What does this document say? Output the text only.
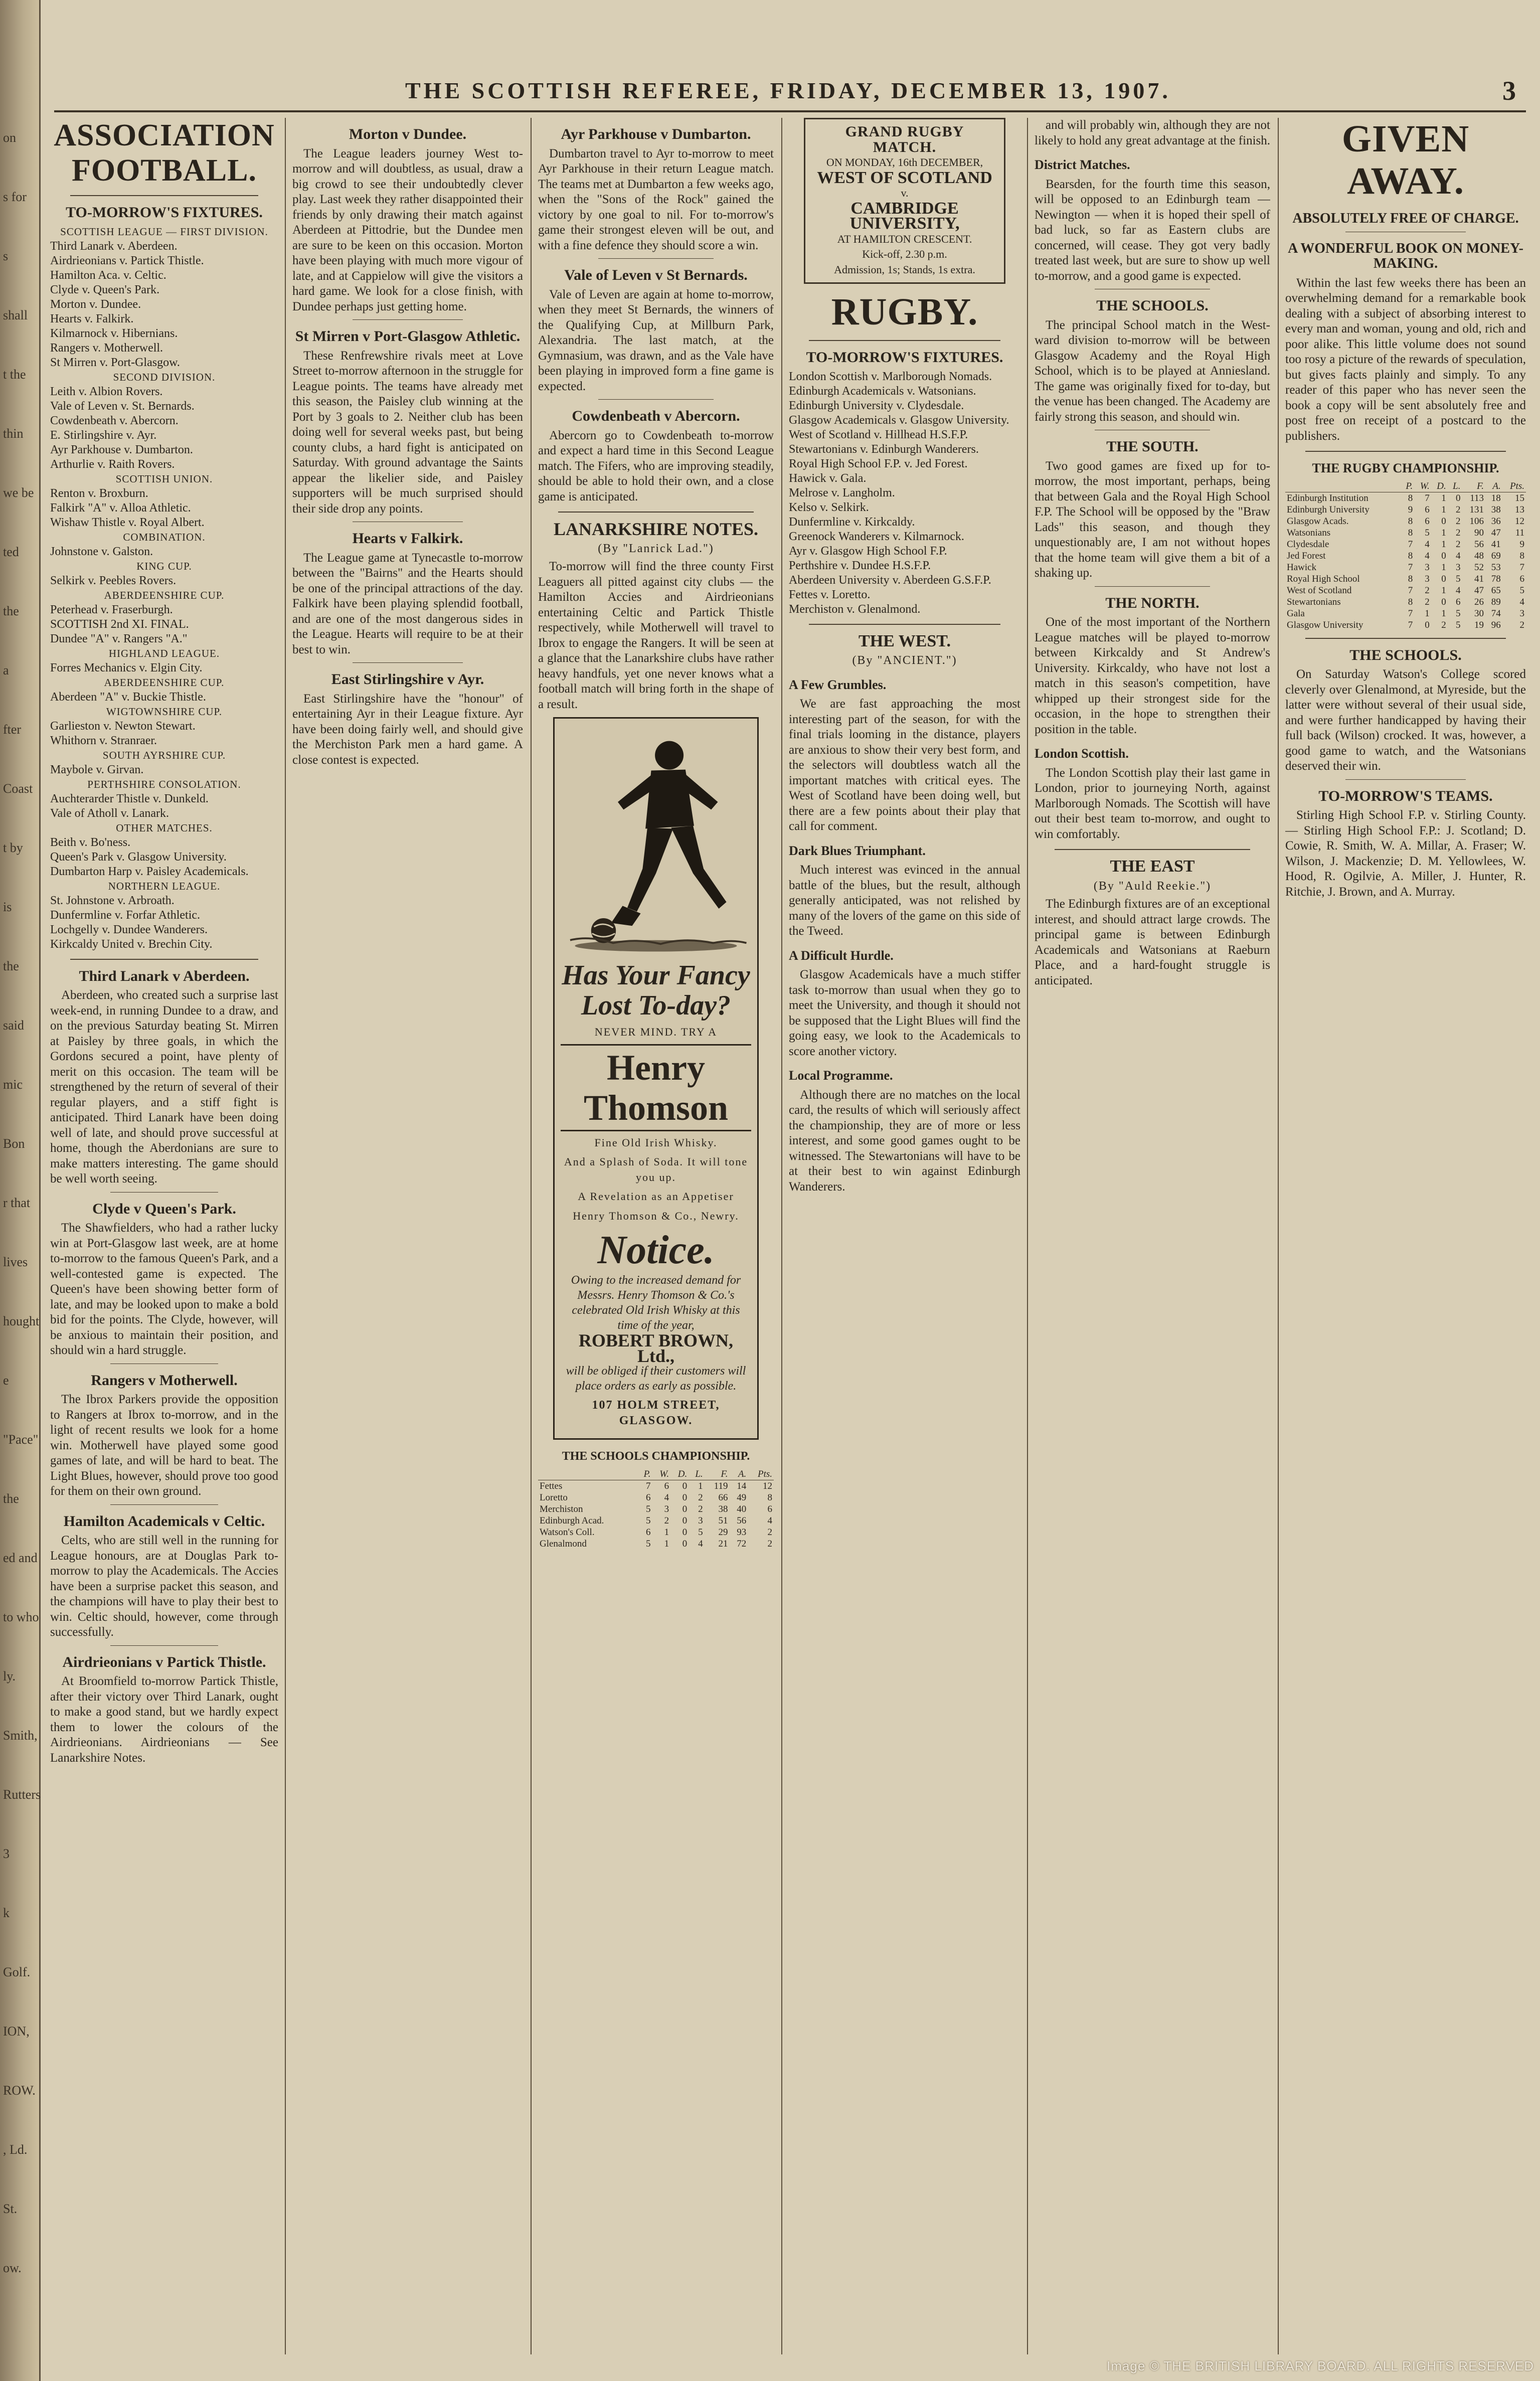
on
s for
s
shall
t the
thin
we be
ted
the
a
fter
Coast
t by
is
the
said
mic
Bon
r that
lives
hought
e
"Pace"
the
ed and
to who
ly.
Smith,
Rutters
3
k
Golf.
ION,
ROW.
, Ld.
St.
ow.
THE SCOTTISH REFEREE, FRIDAY, DECEMBER 13, 1907.	3
ASSOCIATION FOOTBALL.
TO-MORROW'S FIXTURES.

SCOTTISH LEAGUE — FIRST DIVISION.

Third Lanark v. Aberdeen.

Airdrieonians v. Partick Thistle.

Hamilton Aca. v. Celtic.

Clyde v. Queen's Park.

Morton v. Dundee.

Hearts v. Falkirk.

Kilmarnock v. Hibernians.

Rangers v. Motherwell.

St Mirren v. Port-Glasgow.

SECOND DIVISION.

Leith v. Albion Rovers.

Vale of Leven v. St. Bernards.

Cowdenbeath v. Abercorn.

E. Stirlingshire v. Ayr.

Ayr Parkhouse v. Dumbarton.

Arthurlie v. Raith Rovers.

SCOTTISH UNION.

Renton v. Broxburn.

Falkirk "A" v. Alloa Athletic.

Wishaw Thistle v. Royal Albert.

COMBINATION.

Johnstone v. Galston.

KING CUP.

Selkirk v. Peebles Rovers.

ABERDEENSHIRE CUP.

Peterhead v. Fraserburgh.

SCOTTISH 2nd XI. FINAL.

Dundee "A" v. Rangers "A."

HIGHLAND LEAGUE.

Forres Mechanics v. Elgin City.

ABERDEENSHIRE CUP.

Aberdeen "A" v. Buckie Thistle.

WIGTOWNSHIRE CUP.

Garlieston v. Newton Stewart.

Whithorn v. Stranraer.

SOUTH AYRSHIRE CUP.

Maybole v. Girvan.

PERTHSHIRE CONSOLATION.

Auchterarder Thistle v. Dunkeld.

Vale of Atholl v. Lanark.

OTHER MATCHES.

Beith v. Bo'ness.

Queen's Park v. Glasgow University.

Dumbarton Harp v. Paisley Academicals.

NORTHERN LEAGUE.

St. Johnstone v. Arbroath.

Dunfermline v. Forfar Athletic.

Lochgelly v. Dundee Wanderers.

Kirkcaldy United v. Brechin City.

Third Lanark v Aberdeen.

Aberdeen, who created such a surprise last week-end, in running Dundee to a draw, and on the previous Saturday beating St. Mirren at Paisley by three goals, in which the Gordons secured a point, have plenty of merit on this occasion. The team will be strengthened by the return of several of their regular players, and a stiff fight is anticipated. Third Lanark have been doing well of late, and should prove successful at home, though the Aberdonians are sure to make matters interesting. The game should be well worth seeing.

Clyde v Queen's Park.

The Shawfielders, who had a rather lucky win at Port-Glasgow last week, are at home to-morrow to the famous Queen's Park, and a well-contested game is expected. The Queen's have been showing better form of late, and may be looked upon to make a bold bid for the points. The Clyde, however, will be anxious to maintain their position, and should win a hard struggle.

Rangers v Motherwell.

The Ibrox Parkers provide the opposition to Rangers at Ibrox to-morrow, and in the light of recent results we look for a home win. Motherwell have played some good games of late, and will be hard to beat. The Light Blues, however, should prove too good for them on their own ground.

Hamilton Academicals v Celtic.

Celts, who are still well in the running for League honours, are at Douglas Park to-morrow to play the Academicals. The Accies have been a surprise packet this season, and the champions will have to play their best to win. Celtic should, however, come through successfully.

Airdrieonians v Partick Thistle.

At Broomfield to-morrow Partick Thistle, after their victory over Third Lanark, ought to make a good stand, but we hardly expect them to lower the colours of the Airdrieonians. Airdrieonians — See Lanarkshire Notes.

Morton v Dundee.

The League leaders journey West to-morrow and will doubtless, as usual, draw a big crowd to see their undoubtedly clever play. Last week they rather disappointed their friends by only drawing their match against Aberdeen at Pittodrie, but the Dundee men are sure to be keen on this occasion. Morton have been playing with much more vigour of late, and at Cappielow will give the visitors a hard game. We look for a close finish, with Dundee perhaps just getting home.

St Mirren v Port-Glasgow Athletic.

These Renfrewshire rivals meet at Love Street to-morrow afternoon in the struggle for League points. The teams have already met this season, the Paisley club winning at the Port by 3 goals to 2. Neither club has been doing well for several weeks past, but being county clubs, a hard fight is anticipated on Saturday. With ground advantage the Saints appear the likelier side, and Paisley supporters will be much surprised should their side drop any points.

Hearts v Falkirk.

The League game at Tynecastle to-morrow between the "Bairns" and the Hearts should be one of the principal attractions of the day. Falkirk have been playing splendid football, and are one of the most dangerous sides in the League. Hearts will require to be at their best to win.

East Stirlingshire v Ayr.

East Stirlingshire have the "honour" of entertaining Ayr in their League fixture. Ayr have been doing fairly well, and should give the Merchiston Park men a hard game. A close contest is expected.

Ayr Parkhouse v Dumbarton.

Dumbarton travel to Ayr to-morrow to meet Ayr Parkhouse in their return League match. The teams met at Dumbarton a few weeks ago, when the "Sons of the Rock" gained the victory by one goal to nil. For to-morrow's game their strongest eleven will be out, and with a fine defence they should score a win.

Vale of Leven v St Bernards.

Vale of Leven are again at home to-morrow, when they meet St Bernards, the winners of the Qualifying Cup, at Millburn Park, Alexandria. The last match, at the Gymnasium, was drawn, and as the Vale have been playing in improved form a fine game is expected.

Cowdenbeath v Abercorn.

Abercorn go to Cowdenbeath to-morrow and expect a hard time in this Second League match. The Fifers, who are improving steadily, should be able to hold their own, and a close game is anticipated.

LANARKSHIRE NOTES.
(By "Lanrick Lad.")

To-morrow will find the three county First Leaguers all pitted against city clubs — the Hamilton Accies and Airdrieonians entertaining Celtic and Partick Thistle respectively, while Motherwell will travel to Ibrox to engage the Rangers. It will be seen at a glance that the Lanarkshire clubs have rather heavy handfuls, yet one never knows what a football match will bring forth in the shape of a result.

Has Your Fancy Lost To-day?
NEVER MIND. TRY A
Henry Thomson
Fine Old Irish Whisky.
And a Splash of Soda. It will tone you up.
A Revelation as an Appetiser
Henry Thomson & Co., Newry.
Notice.
Owing to the increased demand for Messrs. Henry Thomson & Co.'s celebrated Old Irish Whisky at this time of the year,
ROBERT BROWN, Ltd.,
will be obliged if their customers will place orders as early as possible.
107 HOLM STREET, GLASGOW.
THE SCHOOLS CHAMPIONSHIP.
	P.	W.	D.	L.	F.	A.	Pts.
Fettes	7	6	0	1	119	14	12
Loretto	6	4	0	2	66	49	8
Merchiston	5	3	0	2	38	40	6
Edinburgh Acad.	5	2	0	3	51	56	4
Watson's Coll.	6	1	0	5	29	93	2
Glenalmond	5	1	0	4	21	72	2
GRAND RUGBY MATCH.
ON MONDAY, 16th DECEMBER,
WEST OF SCOTLAND
v.
CAMBRIDGE UNIVERSITY,
AT HAMILTON CRESCENT.
Kick-off, 2.30 p.m.
Admission, 1s; Stands, 1s extra.
RUGBY.
TO-MORROW'S FIXTURES.

London Scottish v. Marlborough Nomads.

Edinburgh Academicals v. Watsonians.

Edinburgh University v. Clydesdale.

Glasgow Academicals v. Glasgow University.

West of Scotland v. Hillhead H.S.F.P.

Stewartonians v. Edinburgh Wanderers.

Royal High School F.P. v. Jed Forest.

Hawick v. Gala.

Melrose v. Langholm.

Kelso v. Selkirk.

Dunfermline v. Kirkcaldy.

Greenock Wanderers v. Kilmarnock.

Ayr v. Glasgow High School F.P.

Perthshire v. Dundee H.S.F.P.

Aberdeen University v. Aberdeen G.S.F.P.

Fettes v. Loretto.

Merchiston v. Glenalmond.

THE WEST.
(By "ANCIENT.")
A Few Grumbles.

We are fast approaching the most interesting part of the season, for with the final trials looming in the distance, players are anxious to show their very best form, and the selectors will doubtless watch all the important matches with critical eyes. The West of Scotland have been doing well, but there are a few points about their play that call for comment.

Dark Blues Triumphant.

Much interest was evinced in the annual battle of the blues, but the result, although generally anticipated, was not relished by many of the lovers of the game on this side of the Tweed.

A Difficult Hurdle.

Glasgow Academicals have a much stiffer task to-morrow than usual when they go to meet the University, and though it should not be supposed that the Light Blues will find the going easy, we look to the Academicals to score another victory.

Local Programme.

Although there are no matches on the local card, the results of which will seriously affect the championship, they are of more or less interest, and some good games ought to be witnessed. The Stewartonians will have to be at their best to win against Edinburgh Wanderers.

and will probably win, although they are not likely to hold any great advantage at the finish.

District Matches.

Bearsden, for the fourth time this season, will be opposed to an Edinburgh team — Newington — when it is hoped their spell of bad luck, so far as Eastern clubs are concerned, will cease. They got very badly treated last week, but are sure to show up well to-morrow, and a good game is expected.

THE SCHOOLS.

The principal School match in the West-ward division to-morrow will be between Glasgow Academy and the Royal High School, which is to be played at Anniesland. The game was originally fixed for to-day, but the venue has been changed. The Academy are fairly strong this season, and should win.

THE SOUTH.

Two good games are fixed up for to-morrow, the most important, perhaps, being that between Gala and the Royal High School F.P. The School will be opposed by the "Braw Lads" this season, and though they unquestionably are, I am not without hopes that the home team will give them a bit of a shaking up.

THE NORTH.

One of the most important of the Northern League matches will be played to-morrow between Kirkcaldy and St Andrew's University. Kirkcaldy, who have not lost a match in this season's competition, have whipped up their strongest side for the occasion, in the hope to strengthen their position in the table.

London Scottish.

The London Scottish play their last game in London, prior to journeying North, against Marlborough Nomads. The Scottish will have out their best team to-morrow, and ought to win comfortably.

THE EAST
(By "Auld Reekie.")

The Edinburgh fixtures are of an exceptional interest, and should attract large crowds. The principal game is between Edinburgh Academicals and Watsonians at Raeburn Place, and a hard-fought struggle is anticipated.

GIVEN AWAY.
ABSOLUTELY FREE OF CHARGE.
A WONDERFUL BOOK ON MONEY-MAKING.

Within the last few weeks there has been an overwhelming demand for a remarkable book dealing with a subject of absorbing interest to every man and woman, young and old, rich and poor alike. This little volume does not sound too rosy a picture of the rewards of speculation, but gives facts plainly and simply. To any reader of this paper who has never seen the book a copy will be sent absolutely free and post free on receipt of a postcard to the publishers.

THE RUGBY CHAMPIONSHIP.
	P.	W.	D.	L.	F.	A.	Pts.
Edinburgh Institution	8	7	1	0	113	18	15
Edinburgh University	9	6	1	2	131	38	13
Glasgow Acads.	8	6	0	2	106	36	12
Watsonians	8	5	1	2	90	47	11
Clydesdale	7	4	1	2	56	41	9
Jed Forest	8	4	0	4	48	69	8
Hawick	7	3	1	3	52	53	7
Royal High School	8	3	0	5	41	78	6
West of Scotland	7	2	1	4	47	65	5
Stewartonians	8	2	0	6	26	89	4
Gala	7	1	1	5	30	74	3
Glasgow University	7	0	2	5	19	96	2
THE SCHOOLS.

On Saturday Watson's College scored cleverly over Glenalmond, at Myreside, but the latter were without several of their usual side, and were further handicapped by having their full back (Wilson) crocked. It was, however, a good game to watch, and the Watsonians deserved their win.

TO-MORROW'S TEAMS.

Stirling High School F.P. v. Stirling County. — Stirling High School F.P.: J. Scotland; D. Cowie, R. Smith, W. A. Millar, A. Fraser; W. Wilson, J. Mackenzie; D. M. Yellowlees, W. Hood, R. Ogilvie, A. Miller, J. Hunter, R. Ritchie, J. Brown, and A. Murray.

Image © THE BRITISH LIBRARY BOARD. ALL RIGHTS RESERVED
